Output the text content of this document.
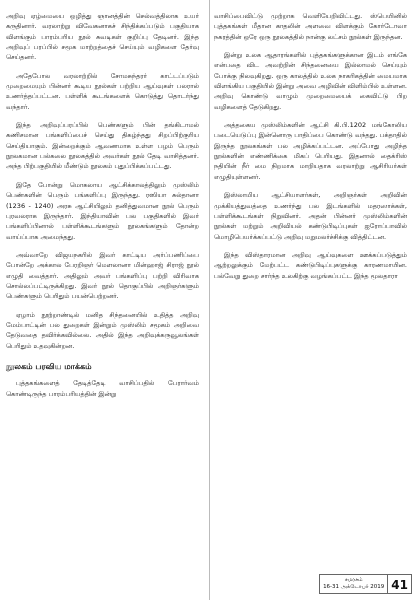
அறிவு ஏழ்மையை ஒழித்து ஞானத்தின் செல்வத்திலாக உயர் கருதினார். வரலாற்று விவேகனாகச் சிந்திக்கப்படும் பகுதியாக விளங்கும் பாரம்பரிய நூல் சுவடிகள் குறிப்பு தேடினர். இந்த அறிவுப் பரப்பில் சமூக மாற்றத்தைச் செய்யும் வழிகளை தேர்வு செய்தனர்.

அதேபோல வரலாற்றில் சோமசுந்தரர் காட்டப்படும் முறைமையும் பின்னர் கூடிய நூல்கள் பற்றிய ஆய்வுகள் பலரால் உணர்த்தப்பட்டன. பள்ளிக் கூடங்களைக் கொடுத்து தொடர்ந்து வந்தார்.

இந்த அறிவுப்பரப்பில் பெண்களும் பின் தங்கிடாமல் கணிசமான பங்களிப்பைச் செய்து திகழ்ந்தது சிறப்பிற்குரிய செய்தியாகும். இன்றைக்கும் ஆவணமாக உள்ள பழம் பெரும் நூலகமான பல்கலை நூலகத்தில் அவர்கள் நூல் தேடி வாசித்தனர். அந்த பிற்பகுதியில் மீண்டும் நூலகம் புதுப்பிக்கப்பட்டது.

இதே போன்று மொகலாய ஆட்சிக்காலத்திலும் முஸ்லிம் பெண்களின் பெரும் பங்களிப்பு இருந்தது. ரஸியா சுல்தானா (1236 - 1240) அரசு ஆட்சியிலும் தனித்துவமான நூல் பெரும் புரவலராக இருந்தார். இந்தியாவின் பல பகுதிகளில் இவர் பங்களிப்பினால் பள்ளிக்கூடங்களும் நூலகங்களும் தோன்ற வாய்ப்பாக அமைந்தது.

அவ்வாறே விஜயநகரில் இவர் காட்டிய அர்ப்பணிப்பை போன்றே அக்கால பேரறிஞர் மௌலானா மின்ஹாஜ் சிராஜ் நூல் எழுதி வைத்தார். அதிலும் அவர் பங்களிப்பு பற்றி விரிவாக சொல்லப்பட்டிருக்கிறது. இவர் நூல் தொகுப்பில் அறிஞர்களும் பெண்களும் பெரிதும் பயன்பெற்றனர்.

ஏழாம் நூற்றாண்டில் மனித சிந்தனையில் உதித்த அறிவு மேம்பாட்டின் பல துறைகள் இன்றும் முஸ்லிம் சமூகம் அறிவை தேடுவதை தவிர்க்கவில்லை. அதில் இந்த அறிவுக்கருவூலங்கள் பெரிதும் உதவுகின்றன.

நூலகம் பரவிய மாக்கம்

புத்தகங்களைத் தேடித்தேடி வாசிப்பதில் பேரார்வம் கொண்டிருந்த பாரம்பரியத்தின் இன்று

வாசிப்பைவிட்டு முற்றாக வெளியேறிவிட்டது. ஸ்பெயினில் புத்தகங்கள் மீதான காதலின் அளவை விளக்கும் கோர்டோவா நகரத்தின் ஒரே ஒரு நூலகத்தில் நான்கு லட்சம் நூல்கள் இருந்தன.

இன்று உலக ஆதாரங்களில் புத்தகங்களுக்கான இடம் எங்கே என்பதை விட அவற்றின் சிந்தனையை இல்லாமல் செய்யும் போக்கு நிலவுகிறது. ஒரு காலத்தில் உலக நாகரிகத்தின் மையமாக விளங்கிய பகுதியில் இன்று அவை அழிவின் விளிம்பில் உள்ளன. அறிவு கொண்டு வாழும் முறைமையைக் கைவிட்டு பிற வழிகளைத் தேடுகிறது.

அத்தகைய முஸ்லிம்களின் ஆட்சி கி.பி.1202 மங்கோலிய படையெடுப்பு இன்னொரு பாதிப்பை கொண்டு வந்தது. பக்தாதில் இருந்த நூலகங்கள் பல அழிக்கப்பட்டன. அப்போது அழிந்த நூல்களின் எண்ணிக்கை மிகப் பெரியது. இதனால் தைக்ரிஸ் நதியின் நீர் மை நிறமாக மாறியதாக வரலாற்று ஆசிரியர்கள் எழுதியுள்ளனர்.

இஸ்லாமிய ஆட்சியாளர்கள், அறிஞர்கள் அறிவின் முக்கியத்துவத்தை உணர்ந்து பல இடங்களில் மதரஸாக்கள், பள்ளிக்கூடங்கள் நிறுவினர். அதன் பின்னர் முஸ்லிம்களின் நூல்கள் மற்றும் அறிவியல் கண்டுபிடிப்புகள் ஐரோப்பாவில் மொழிபெயர்க்கப்பட்டு அறிவு மறுமலர்ச்சிக்கு வித்திட்டன.

இந்த விஸ்தாரமான அறிவு ஆய்வுகளை ஊக்கப்படுத்தும் ஆற்றலுக்கும் மேற்பட்ட கண்டுபிடிப்புகளுக்கு காரணமாயின. பல்வேறு துறை சார்ந்த உலகிற்கு வழங்கப்பட்ட இந்த மூலதாரா

சமரசம்
16-31 அக்டோபர் 2019 41
